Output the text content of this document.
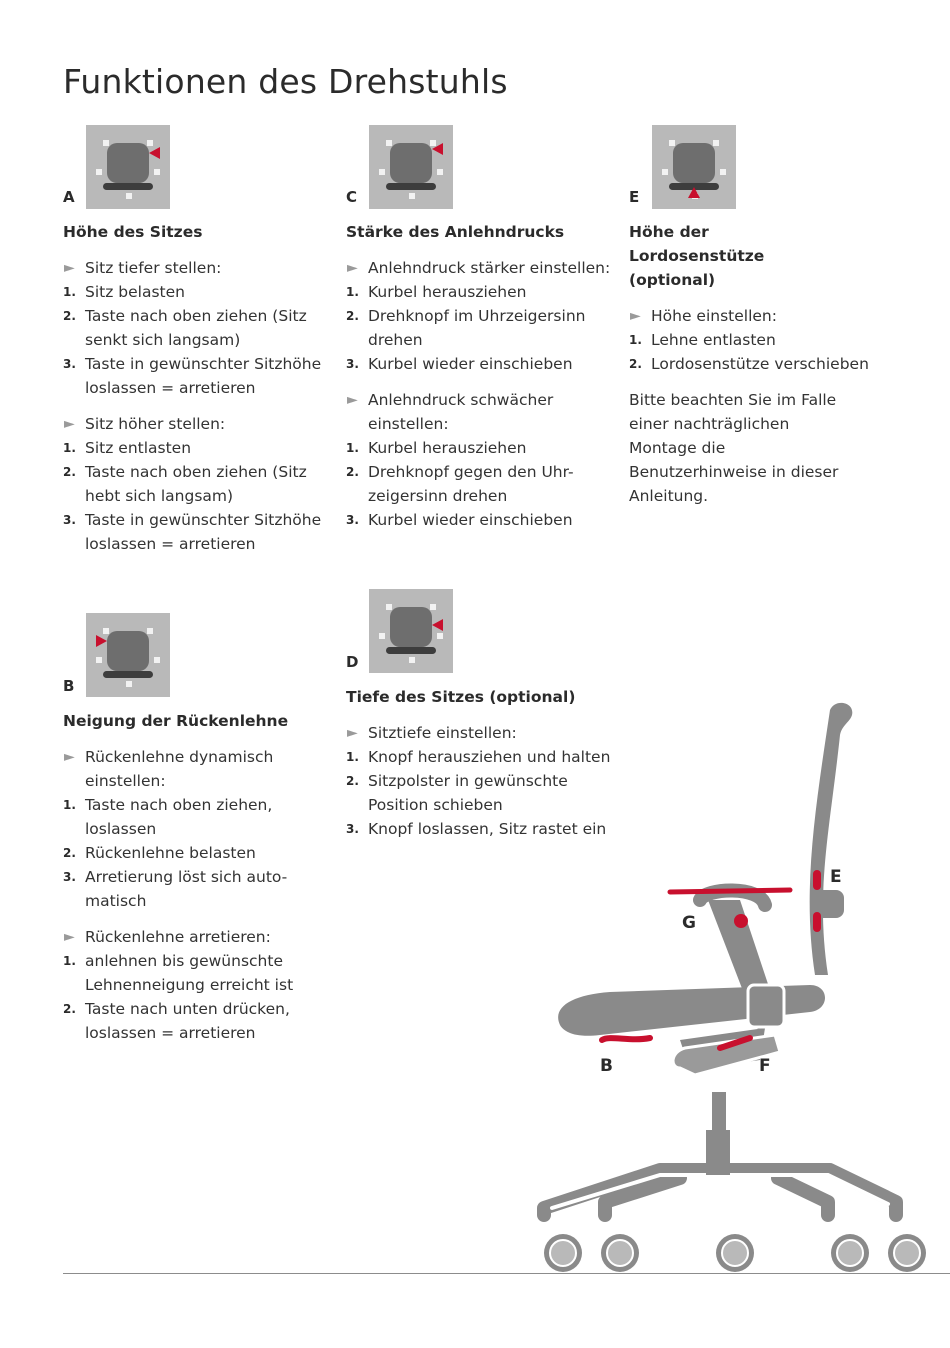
Funktionen des Drehstuhls
A
Höhe des Sitzes
► Sitz tiefer stellen:
1. Sitz belasten
2. Taste nach oben ziehen (Sitz senkt sich langsam)
3. Taste in gewünschter Sitzhöhe loslassen = arretieren
► Sitz höher stellen:
1. Sitz entlasten
2. Taste nach oben ziehen (Sitz hebt sich langsam)
3. Taste in gewünschter Sitzhöhe loslassen = arretieren
C
Stärke des Anlehndrucks
► Anlehndruck stärker einstellen:
1. Kurbel herausziehen
2. Drehknopf im Uhrzeigersinn drehen
3. Kurbel wieder einschieben
► Anlehndruck schwächer einstellen:
1. Kurbel herausziehen
2. Drehknopf gegen den Uhr-zeigersinn drehen
3. Kurbel wieder einschieben
E
Höhe der Lordosenstütze (optional)
► Höhe einstellen:
1. Lehne entlasten
2. Lordosenstütze verschieben

Bitte beachten Sie im Falle einer nachträglichen Montage die Benutzerhinweise in dieser Anleitung.

B
Neigung der Rückenlehne
► Rückenlehne dynamisch einstellen:
1. Taste nach oben ziehen, loslassen
2. Rückenlehne belasten
3. Arretierung löst sich auto-matisch
► Rückenlehne arretieren:
1. anlehnen bis gewünschte Lehnenneigung erreicht ist
2. Taste nach unten drücken, loslassen = arretieren
D
Tiefe des Sitzes (optional)
► Sitztiefe einstellen:
1. Knopf herausziehen und halten
2. Sitzpolster in gewünschte Position schieben
3. Knopf loslassen, Sitz rastet ein
E
G
B	F
